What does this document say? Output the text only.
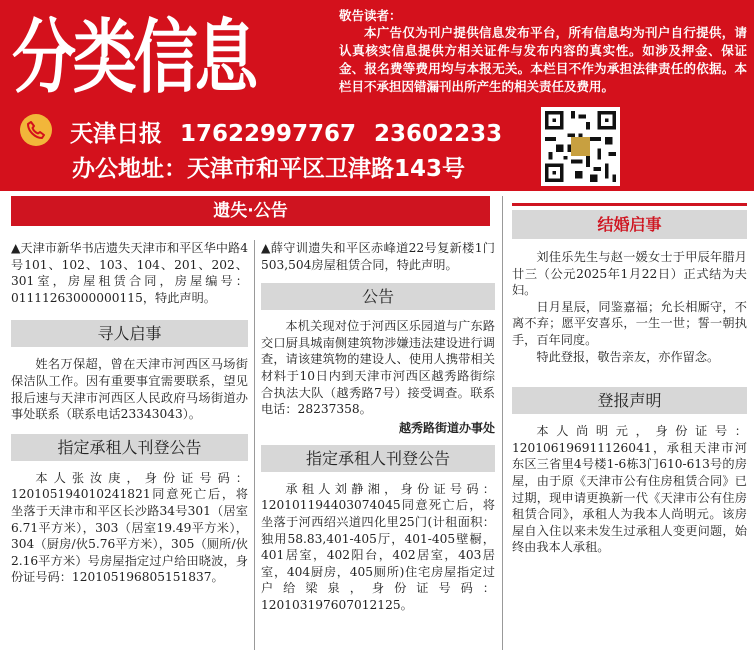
分类信息	敬告读者：
本广告仅为刊户提供信息发布平台，所有信息均为刊户自行提供，请认真核实信息提供方相关证件与发布内容的真实性。如涉及押金、保证金、报名费等费用均与本报无关。本栏目不作为承担法律责任的依据。本栏目不承担因错漏刊出所产生的相关责任及费用。
天津日报 17622997767 23602233
办公地址：天津市和平区卫津路143号
遗失·公告

▲天津市新华书店遗失天津市和平区华中路4号101、102、103、104、201、202、301室，房屋租赁合同，房屋编号：01111263000000115，特此声明。

寻人启事

姓名万保超，曾在天津市河西区马场街保洁队工作。因有重要事宜需要联系，望见报后速与天津市河西区人民政府马场街道办事处联系（联系电话23343043）。

指定承租人刊登公告

本人张汝庚，身份证号码：120105194010241821同意死亡后，将坐落于天津市和平区长沙路34号301（居室6.71平方米），303（居室19.49平方米），304（厨房/伙5.76平方米），305（厕所/伙2.16平方米）号房屋指定过户给田晓波，身份证号码：120105196805151837。

▲薛守训遗失和平区赤峰道22号复新楼1门503,504房屋租赁合同，特此声明。

公告

本机关现对位于河西区乐园道与广东路交口厨具城南侧建筑物涉嫌违法建设进行调查，请该建筑物的建设人、使用人携带相关材料于10日内到天津市河西区越秀路街综合执法大队（越秀路7号）接受调查。联系电话：28237358。

越秀路街道办事处

指定承租人刊登公告

承租人刘静湘，身份证号码：120101194403074045同意死亡后，将坐落于河西绍兴道四化里25门(计租面积：独用58.83,401-405厅，401-405壁橱，401居室，402阳台，402居室，403居室，404厨房，405厕所)住宅房屋指定过户给梁泉，身份证号码：120103197607012125。

结婚启事

刘佳乐先生与赵一媛女士于甲辰年腊月廿三（公元2025年1月22日）正式结为夫妇。

日月星辰，同鉴嘉福；允长相厮守，不离不弃；愿平安喜乐，一生一世；誓一朝执手，百年同度。

特此登报，敬告亲友，亦作留念。

登报声明

本人尚明元，身份证号：120106196911126041，承租天津市河东区三省里4号楼1-6栋3门610-613号的房屋，由于原《天津市公有住房租赁合同》已过期，现申请更换新一代《天津市公有住房租赁合同》，承租人为我本人尚明元。该房屋自入住以来未发生过承租人变更问题，始终由我本人承租。
